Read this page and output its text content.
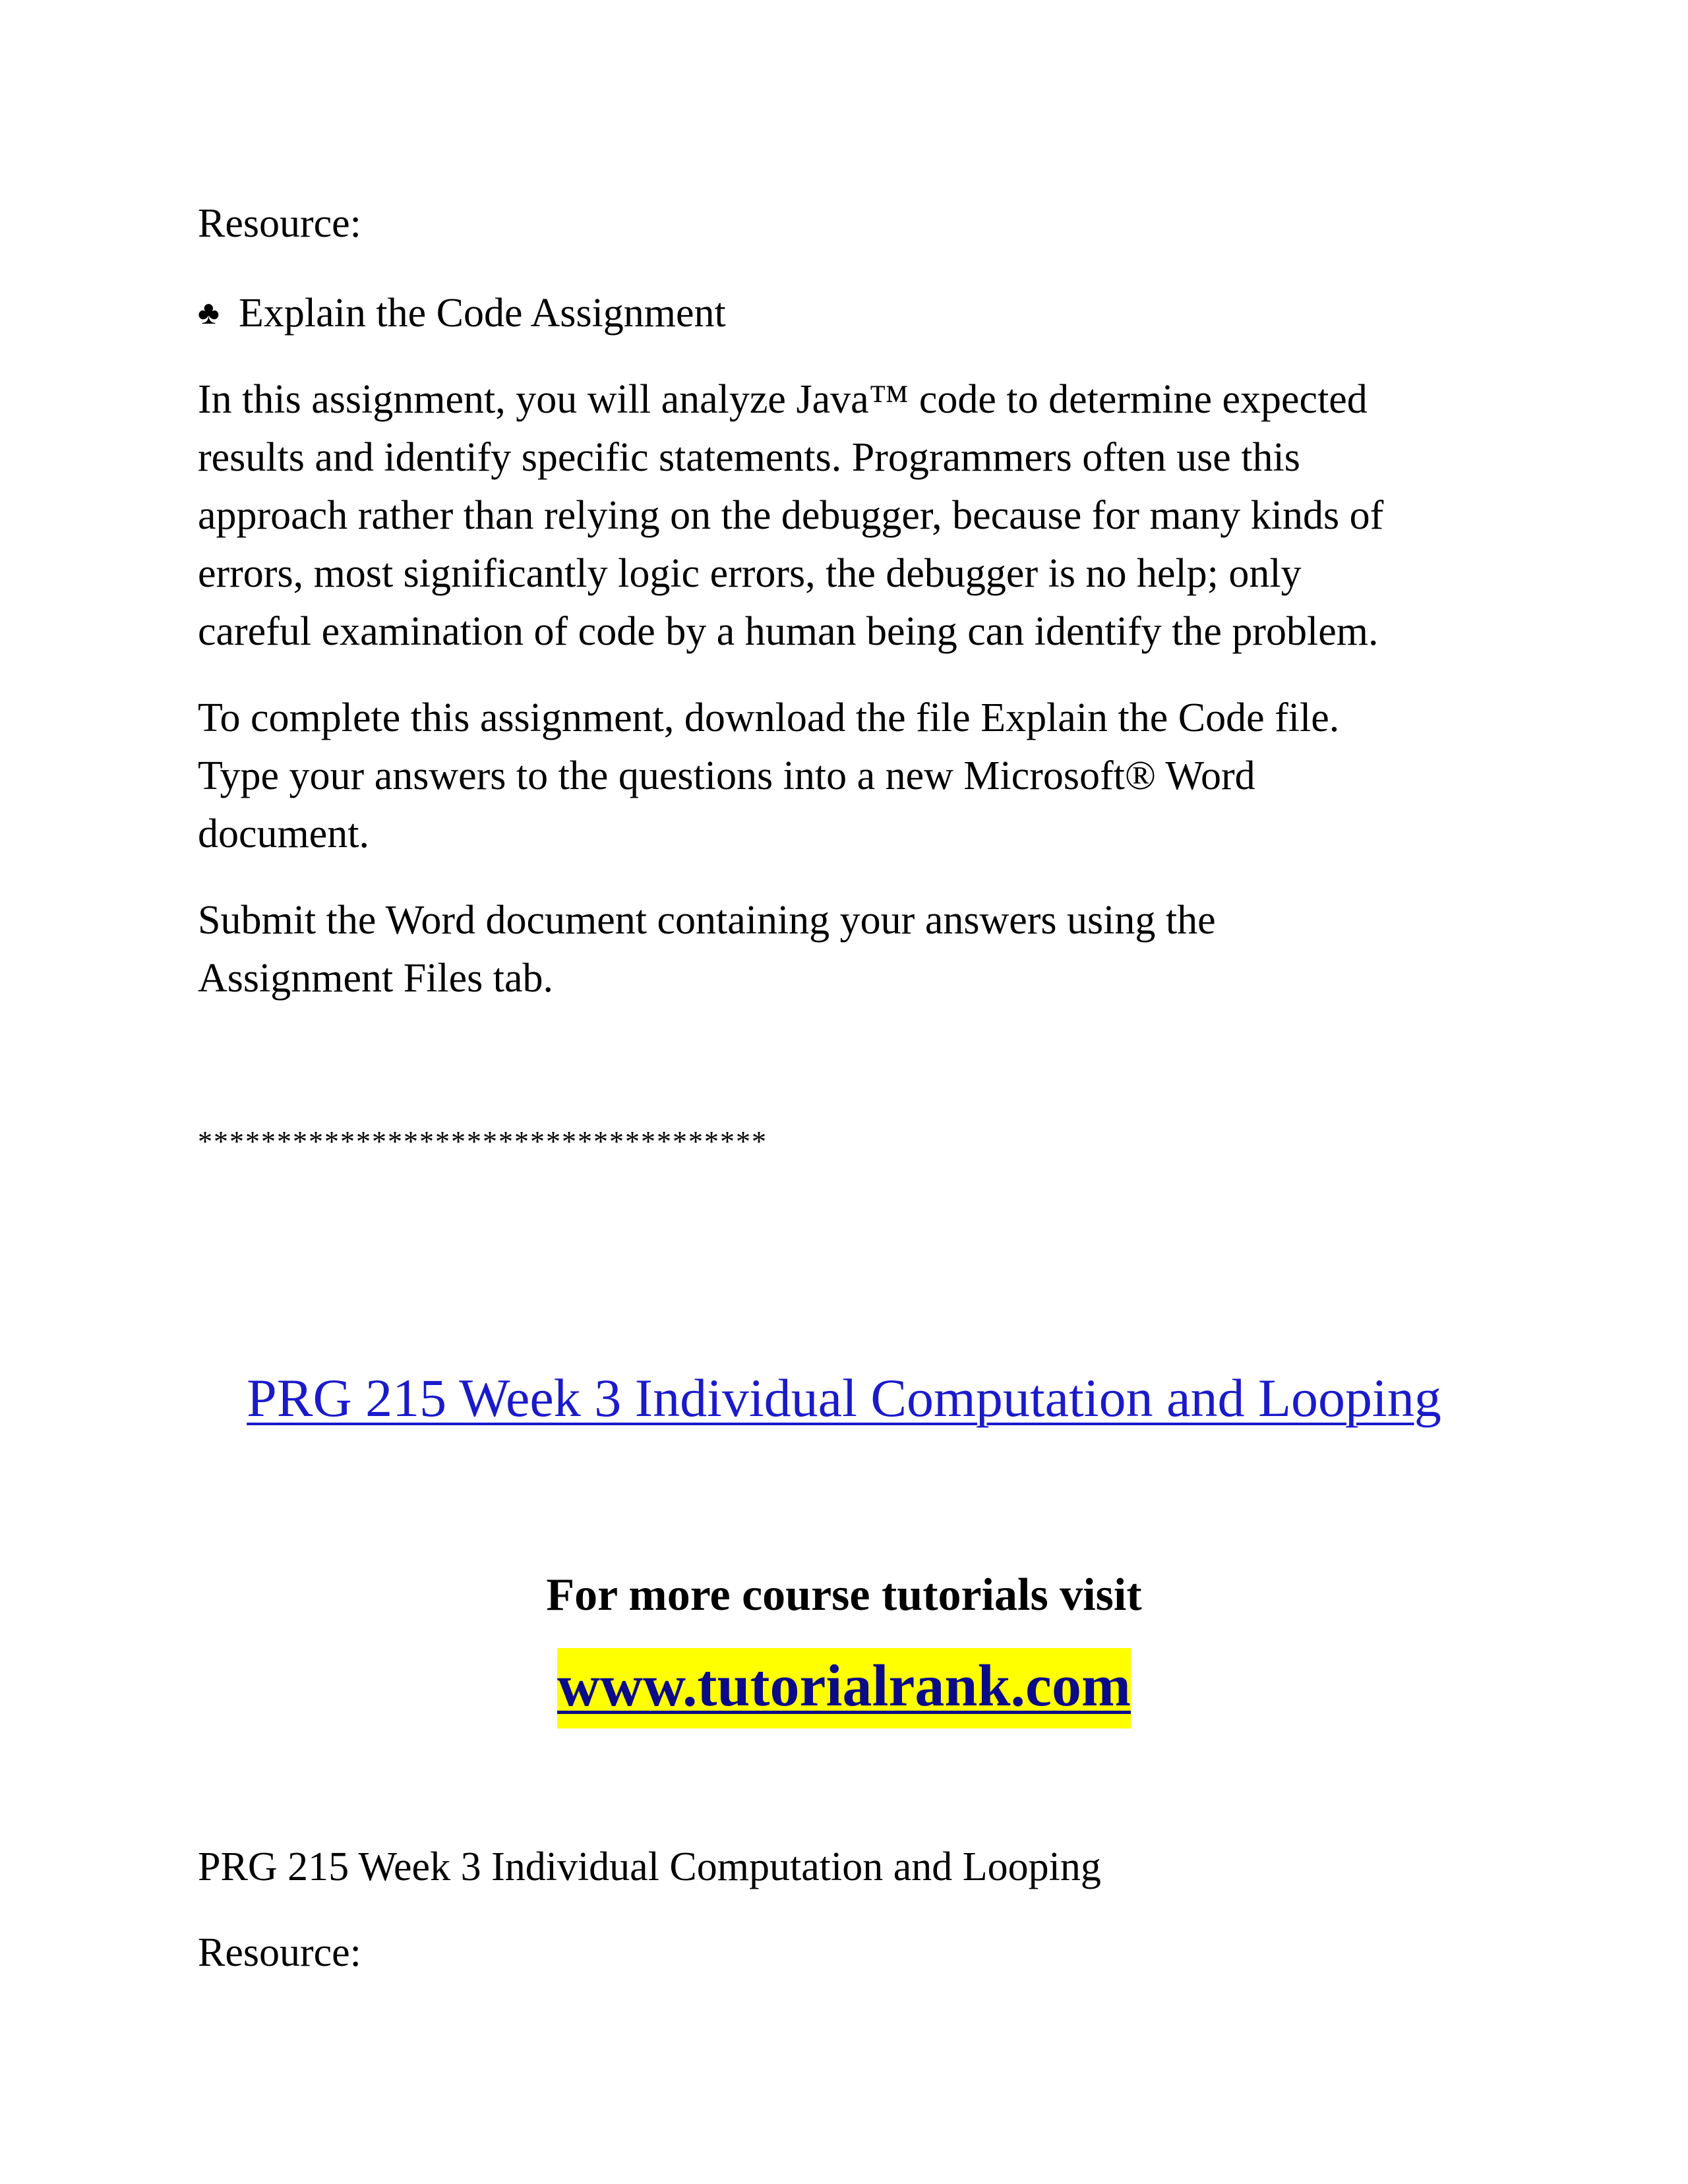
Resource:
♣ Explain the Code Assignment
In this assignment, you will analyze Java™ code to determine expected
results and identify specific statements. Programmers often use this
approach rather than relying on the debugger, because for many kinds of
errors, most significantly logic errors, the debugger is no help; only
careful examination of code by a human being can identify the problem.
To complete this assignment, download the file Explain the Code file.
Type your answers to the questions into a new Microsoft® Word
document.
Submit the Word document containing your answers using the
Assignment Files tab.
************************************
PRG 215 Week 3 Individual Computation and Looping
For more course tutorials visit
www.tutorialrank.com
PRG 215 Week 3 Individual Computation and Looping
Resource:
